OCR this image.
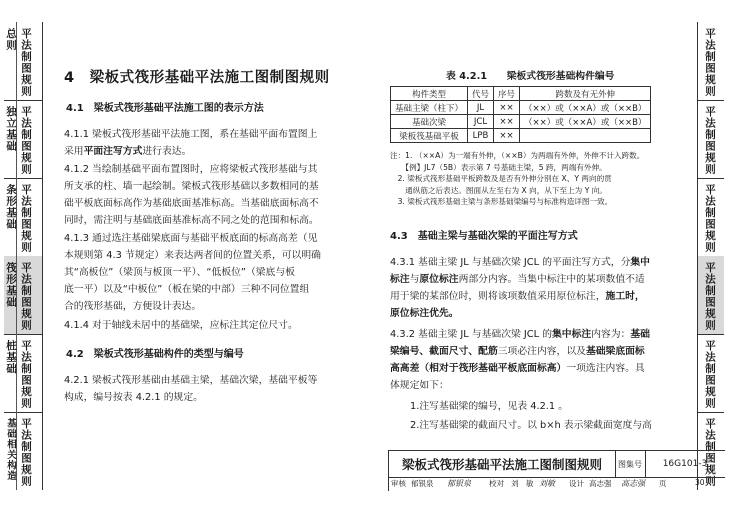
总则 平法制图规则
独立基础 平法制图规则
条形基础 平法制图规则
筏形基础 平法制图规则
桩基础 平法制图规则
基础相关构造 平法制图规则
平法制图规则
平法制图规则
平法制图规则
平法制图规则
平法制图规则
平法制图规则
4　梁板式筏形基础平法施工图制图规则
4.1　梁板式筏形基础平法施工图的表示方法
4.1.1 梁板式筏形基础平法施工图，系在基础平面布置图上
采用平面注写方式进行表达。
4.1.2 当绘制基础平面布置图时，应将梁板式筏形基础与其
所支承的柱、墙一起绘制。梁板式筏形基础以多数相同的基
础平板底面标高作为基础底面基准标高。当基础底面标高不
同时，需注明与基础底面基准标高不同之处的范围和标高。
4.1.3 通过选注基础梁底面与基础平板底面的标高高差（见
本规则第 4.3 节规定）来表达两者间的位置关系，可以明确
其“高板位”（梁顶与板顶一平）、“低板位”（梁底与板
底一平）以及“中板位”（板在梁的中部）三种不同位置组
合的筏形基础，方便设计表达。
4.1.4 对于轴线未居中的基础梁，应标注其定位尺寸。
4.2　梁板式筏形基础构件的类型与编号
4.2.1 梁板式筏形基础由基础主梁，基础次梁，基础平板等
构成，编号按表 4.2.1 的规定。
表 4.2.1　　梁板式筏形基础构件编号
构件类型	代号	序号	跨数及有无外伸
基础主梁（柱下）	JL	××	（××）或（××A）或（××B）
基础次梁	JCL	××	（××）或（××A）或（××B）
梁板筏基础平板	LPB	××	
注：1. （××A）为一端有外伸，（××B）为两端有外伸，外伸不计入跨数。
　　【例】JL7（5B）表示第 7 号基础主梁，5 跨，两端有外伸。
　2. 梁板式筏形基础平板跨数及是否有外伸分别在 X、Y 两向的贯
　　通纵筋之后表达。图面从左至右为 X 向，从下至上为 Y 向。
　3. 梁板式筏形基础主梁与条形基础梁编号与标准构造详图一致。
4.3　基础主梁与基础次梁的平面注写方式
4.3.1 基础主梁 JL 与基础次梁 JCL 的平面注写方式，分集中
标注与原位标注两部分内容。当集中标注中的某项数值不适
用于梁的某部位时，则将该项数值采用原位标注，施工时，
原位标注优先。
4.3.2 基础主梁 JL 与基础次梁 JCL 的集中标注内容为：基础
梁编号、截面尺寸、配筋三项必注内容，以及基础梁底面标
高高差（相对于筏形基础平板底面标高）一项选注内容。具
体规定如下：
1.注写基础梁的编号，见表 4.2.1 。
2.注写基础梁的截面尺寸。以 b×h 表示梁截面宽度与高
梁板式筏形基础平法施工图制图规则	图集号	16G101-3
审核 郁银泉 郁银泉 校对 刘　敏 刘敏 设计 高志强 高志强 页	30
